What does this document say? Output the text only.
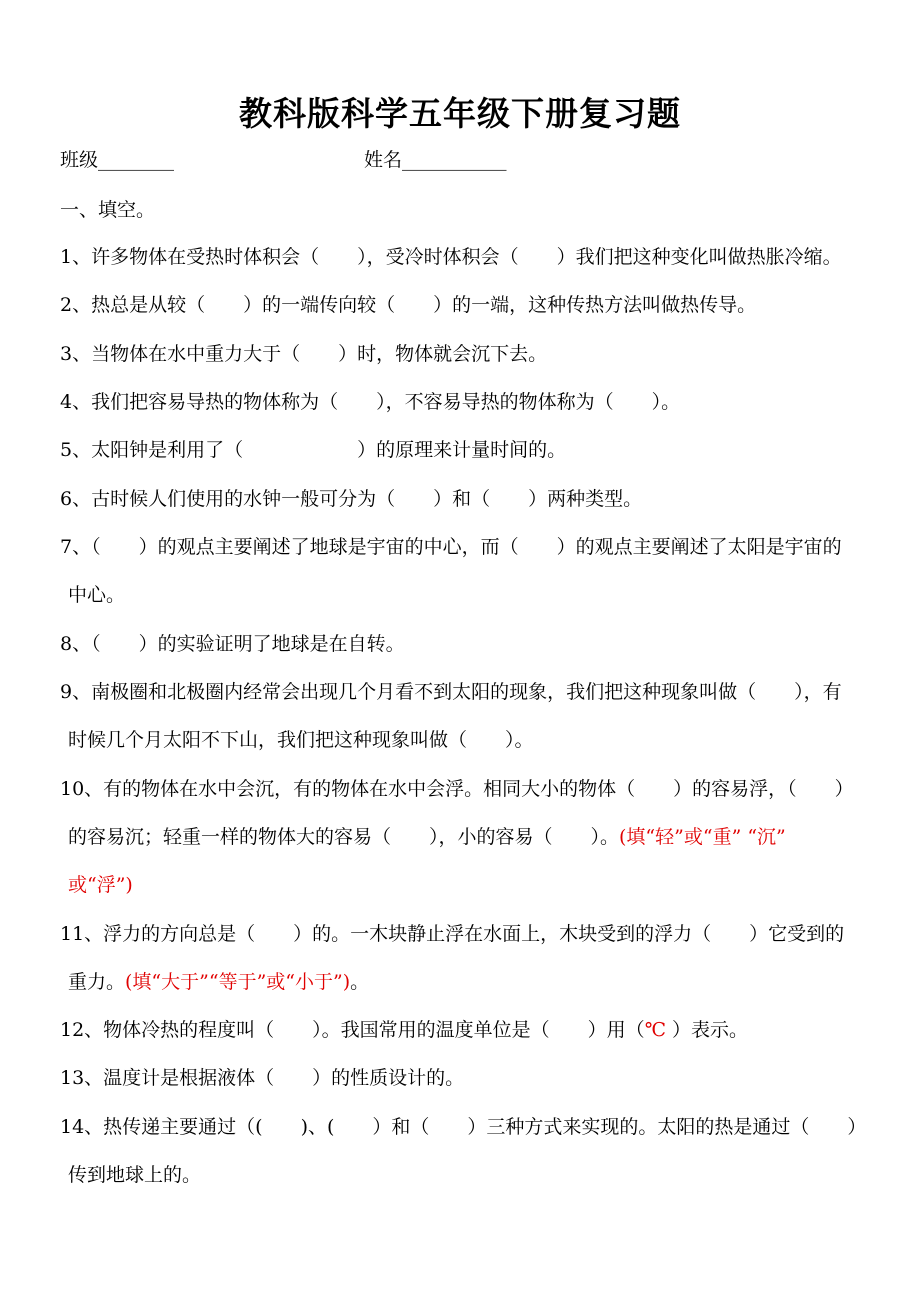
教科版科学五年级下册复习题
班级________	姓名___________
一、填空。
1、许多物体在受热时体积会（　　），受冷时体积会（　　）我们把这种变化叫做热胀冷缩。
2、热总是从较（　　）的一端传向较（　　）的一端，这种传热方法叫做热传导。
3、当物体在水中重力大于（　　）时，物体就会沉下去。
4、我们把容易导热的物体称为（　　），不容易导热的物体称为（　　）。
5、太阳钟是利用了（　　　　　　）的原理来计量时间的。
6、古时候人们使用的水钟一般可分为（　　）和（　　）两种类型。
7、（　　）的观点主要阐述了地球是宇宙的中心，而（　　）的观点主要阐述了太阳是宇宙的
中心。
8、（　　）的实验证明了地球是在自转。
9、南极圈和北极圈内经常会出现几个月看不到太阳的现象，我们把这种现象叫做（　　），有
时候几个月太阳不下山，我们把这种现象叫做（　　）。
10、有的物体在水中会沉，有的物体在水中会浮。相同大小的物体（　　）的容易浮，（　　）
的容易沉；轻重一样的物体大的容易（　　），小的容易（　　）。(填“轻”或“重” “沉”
或“浮”)
11、浮力的方向总是（　　）的。一木块静止浮在水面上，木块受到的浮力（　　）它受到的
重力。(填“大于”“等于”或“小于”)。
12、物体冷热的程度叫（　　）。我国常用的温度单位是（　　）用（℃ ）表示。
13、温度计是根据液体（　　）的性质设计的。
14、热传递主要通过（(　　)、(　　）和（　　）三种方式来实现的。太阳的热是通过（　　）
传到地球上的。
